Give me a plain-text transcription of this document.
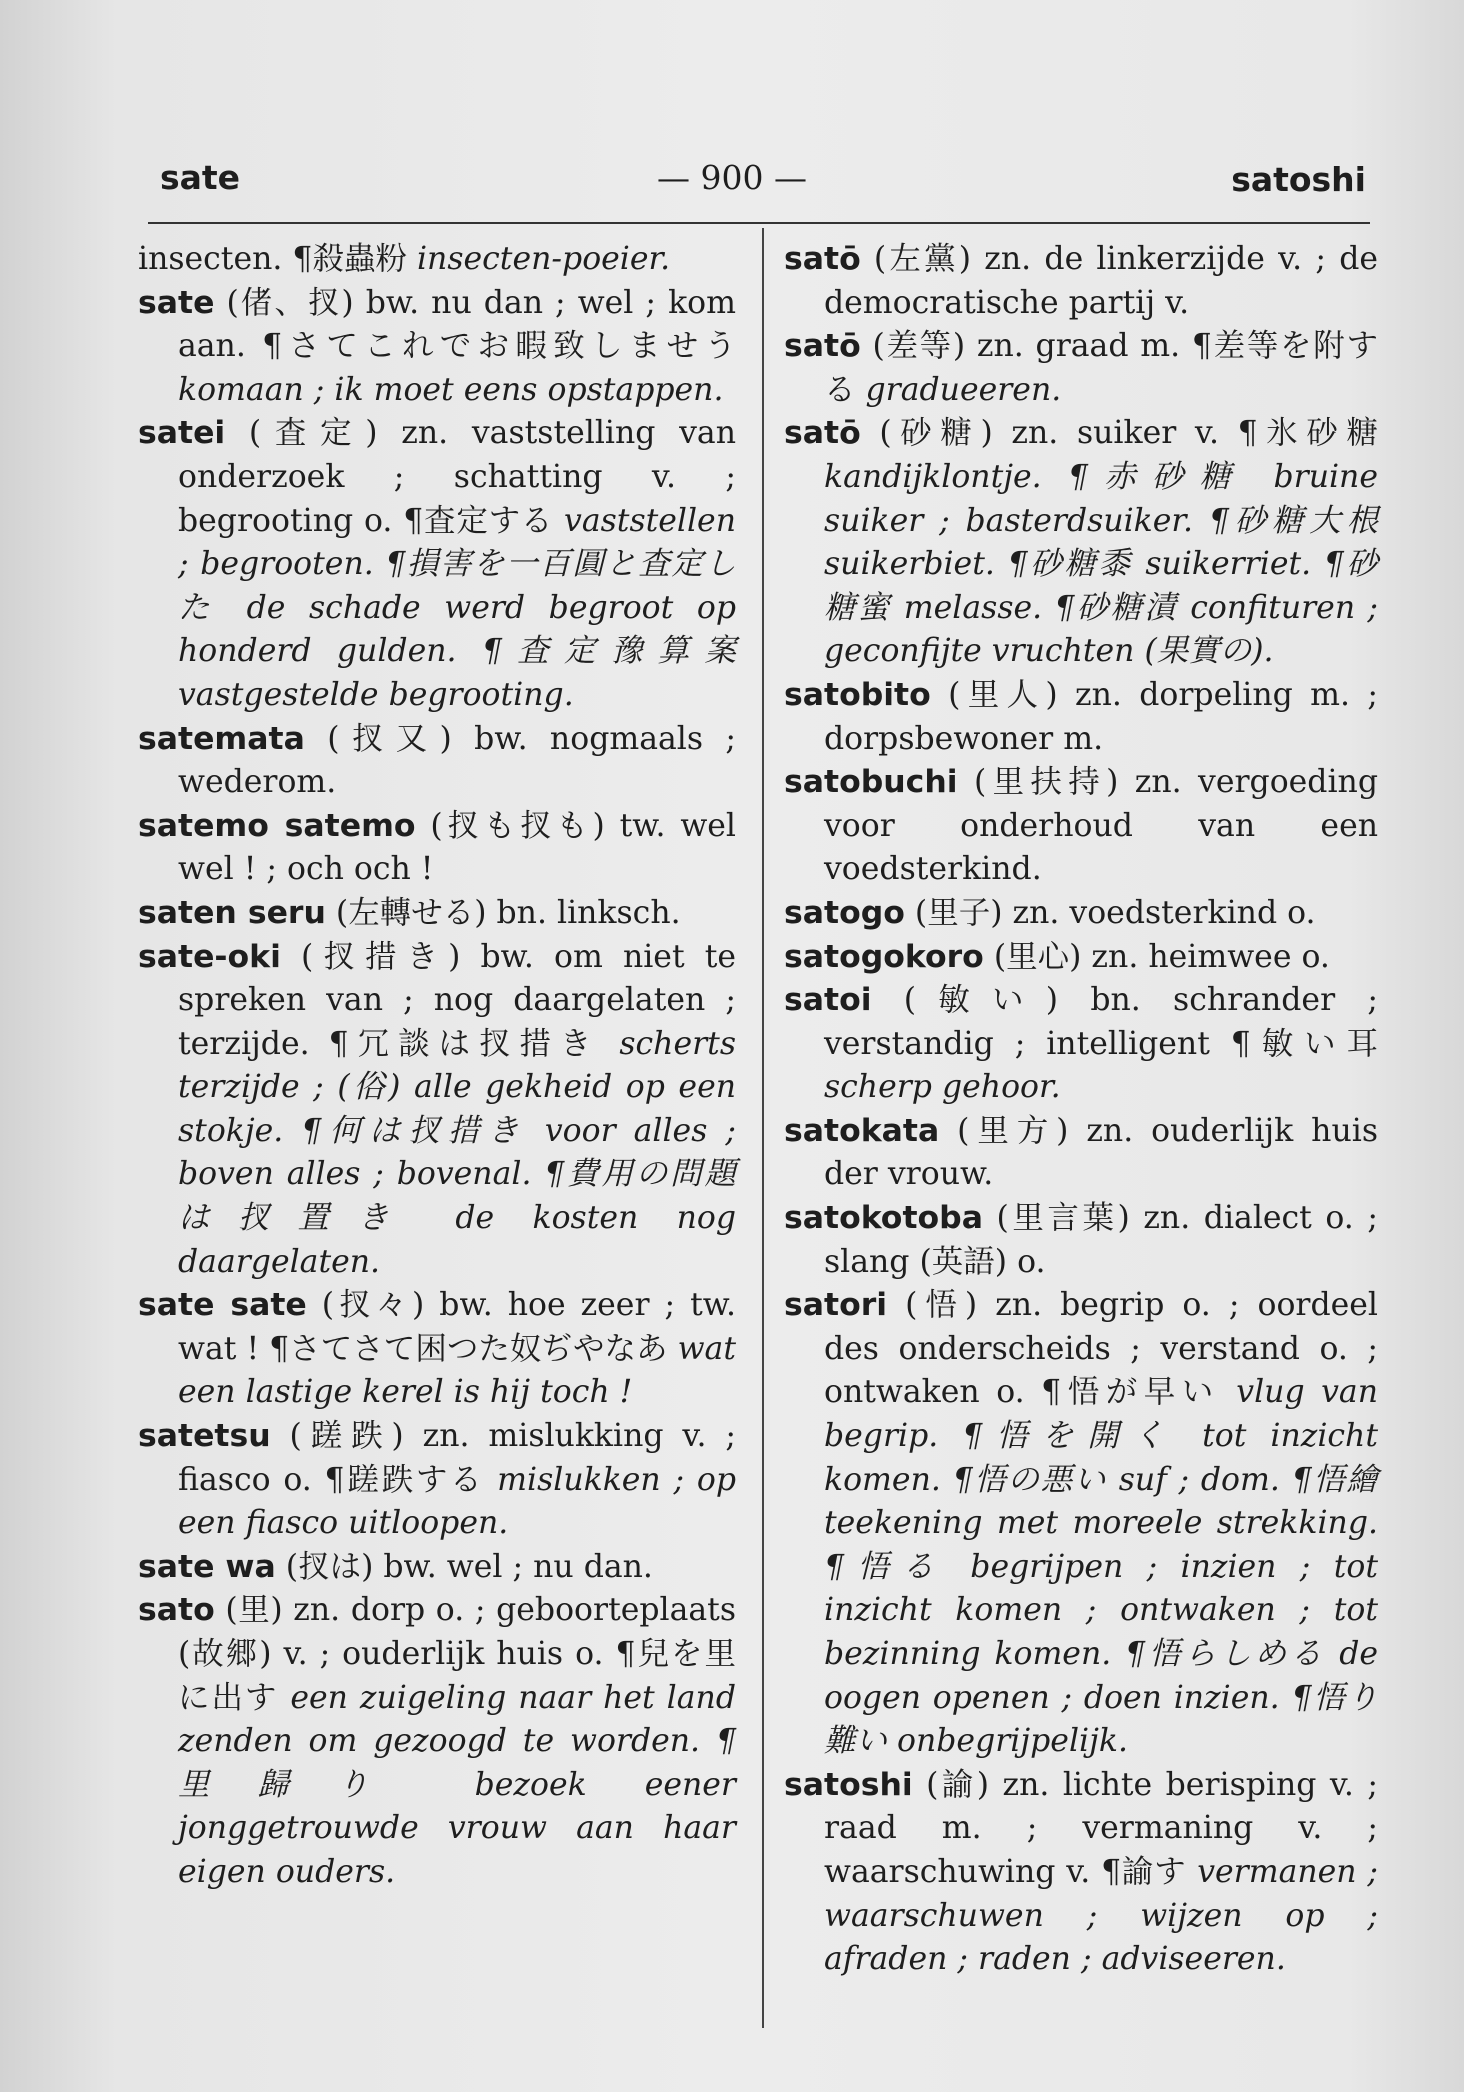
sate	— 900 —	satoshi

insecten. ¶殺蟲粉 insecten-poeier.

sate (偖、扠) bw. nu dan ; wel ; kom aan. ¶さてこれでお暇致しませう komaan ; ik moet eens opstappen.

satei (査定) zn. vaststelling van onderzoek ; schatting v. ; begrooting o. ¶査定する vaststellen ; begrooten. ¶損害を一百圓と査定した de schade werd begroot op honderd gulden. ¶査定豫算案 vastgestelde begrooting.

satemata (扠又) bw. nogmaals ; wederom.

satemo satemo (扠も扠も) tw. wel wel ! ; och och !

saten seru (左轉せる) bn. linksch.

sate-oki (扠措き) bw. om niet te spreken van ; nog daargelaten ; terzijde. ¶冗談は扠措き scherts terzijde ; (俗) alle gekheid op een stokje. ¶何は扠措き voor alles ; boven alles ; bovenal. ¶費用の問題は扠置き de kosten nog daargelaten.

sate sate (扠々) bw. hoe zeer ; tw. wat ! ¶さてさて困つた奴ぢやなあ wat een lastige kerel is hij toch !

satetsu (蹉跌) zn. mislukking v. ; fiasco o. ¶蹉跌する mislukken ; op een fiasco uitloopen.

sate wa (扠は) bw. wel ; nu dan.

sato (里) zn. dorp o. ; geboorteplaats (故郷) v. ; ouderlijk huis o. ¶兒を里に出す een zuigeling naar het land zenden om gezoogd te worden. ¶里歸り bezoek eener jonggetrouwde vrouw aan haar eigen ouders.

satō (左黨) zn. de linkerzijde v. ; de democratische partij v.

satō (差等) zn. graad m. ¶差等を附する gradueeren.

satō (砂糖) zn. suiker v. ¶氷砂糖 kandijklontje. ¶赤砂糖 bruine suiker ; basterdsuiker. ¶砂糖大根 suikerbiet. ¶砂糖黍 suikerriet. ¶砂糖蜜 melasse. ¶砂糖漬 confituren ; geconfijte vruchten (果實の).

satobito (里人) zn. dorpeling m. ; dorpsbewoner m.

satobuchi (里扶持) zn. vergoeding voor onderhoud van een voedsterkind.

satogo (里子) zn. voedsterkind o.

satogokoro (里心) zn. heimwee o.

satoi (敏い) bn. schrander ; verstandig ; intelligent ¶敏い耳 scherp gehoor.

satokata (里方) zn. ouderlijk huis der vrouw.

satokotoba (里言葉) zn. dialect o. ; slang (英語) o.

satori (悟) zn. begrip o. ; oordeel des onderscheids ; verstand o. ; ontwaken o. ¶悟が早い vlug van begrip. ¶悟を開く tot inzicht komen. ¶悟の悪い suf ; dom. ¶悟繪 teekening met moreele strekking. ¶悟る begrijpen ; inzien ; tot inzicht komen ; ontwaken ; tot bezinning komen. ¶悟らしめる de oogen openen ; doen inzien. ¶悟り難い onbegrijpelijk.

satoshi (諭) zn. lichte berisping v. ; raad m. ; vermaning v. ; waarschuwing v. ¶諭す vermanen ; waarschuwen ; wijzen op ; afraden ; raden ; adviseeren.
